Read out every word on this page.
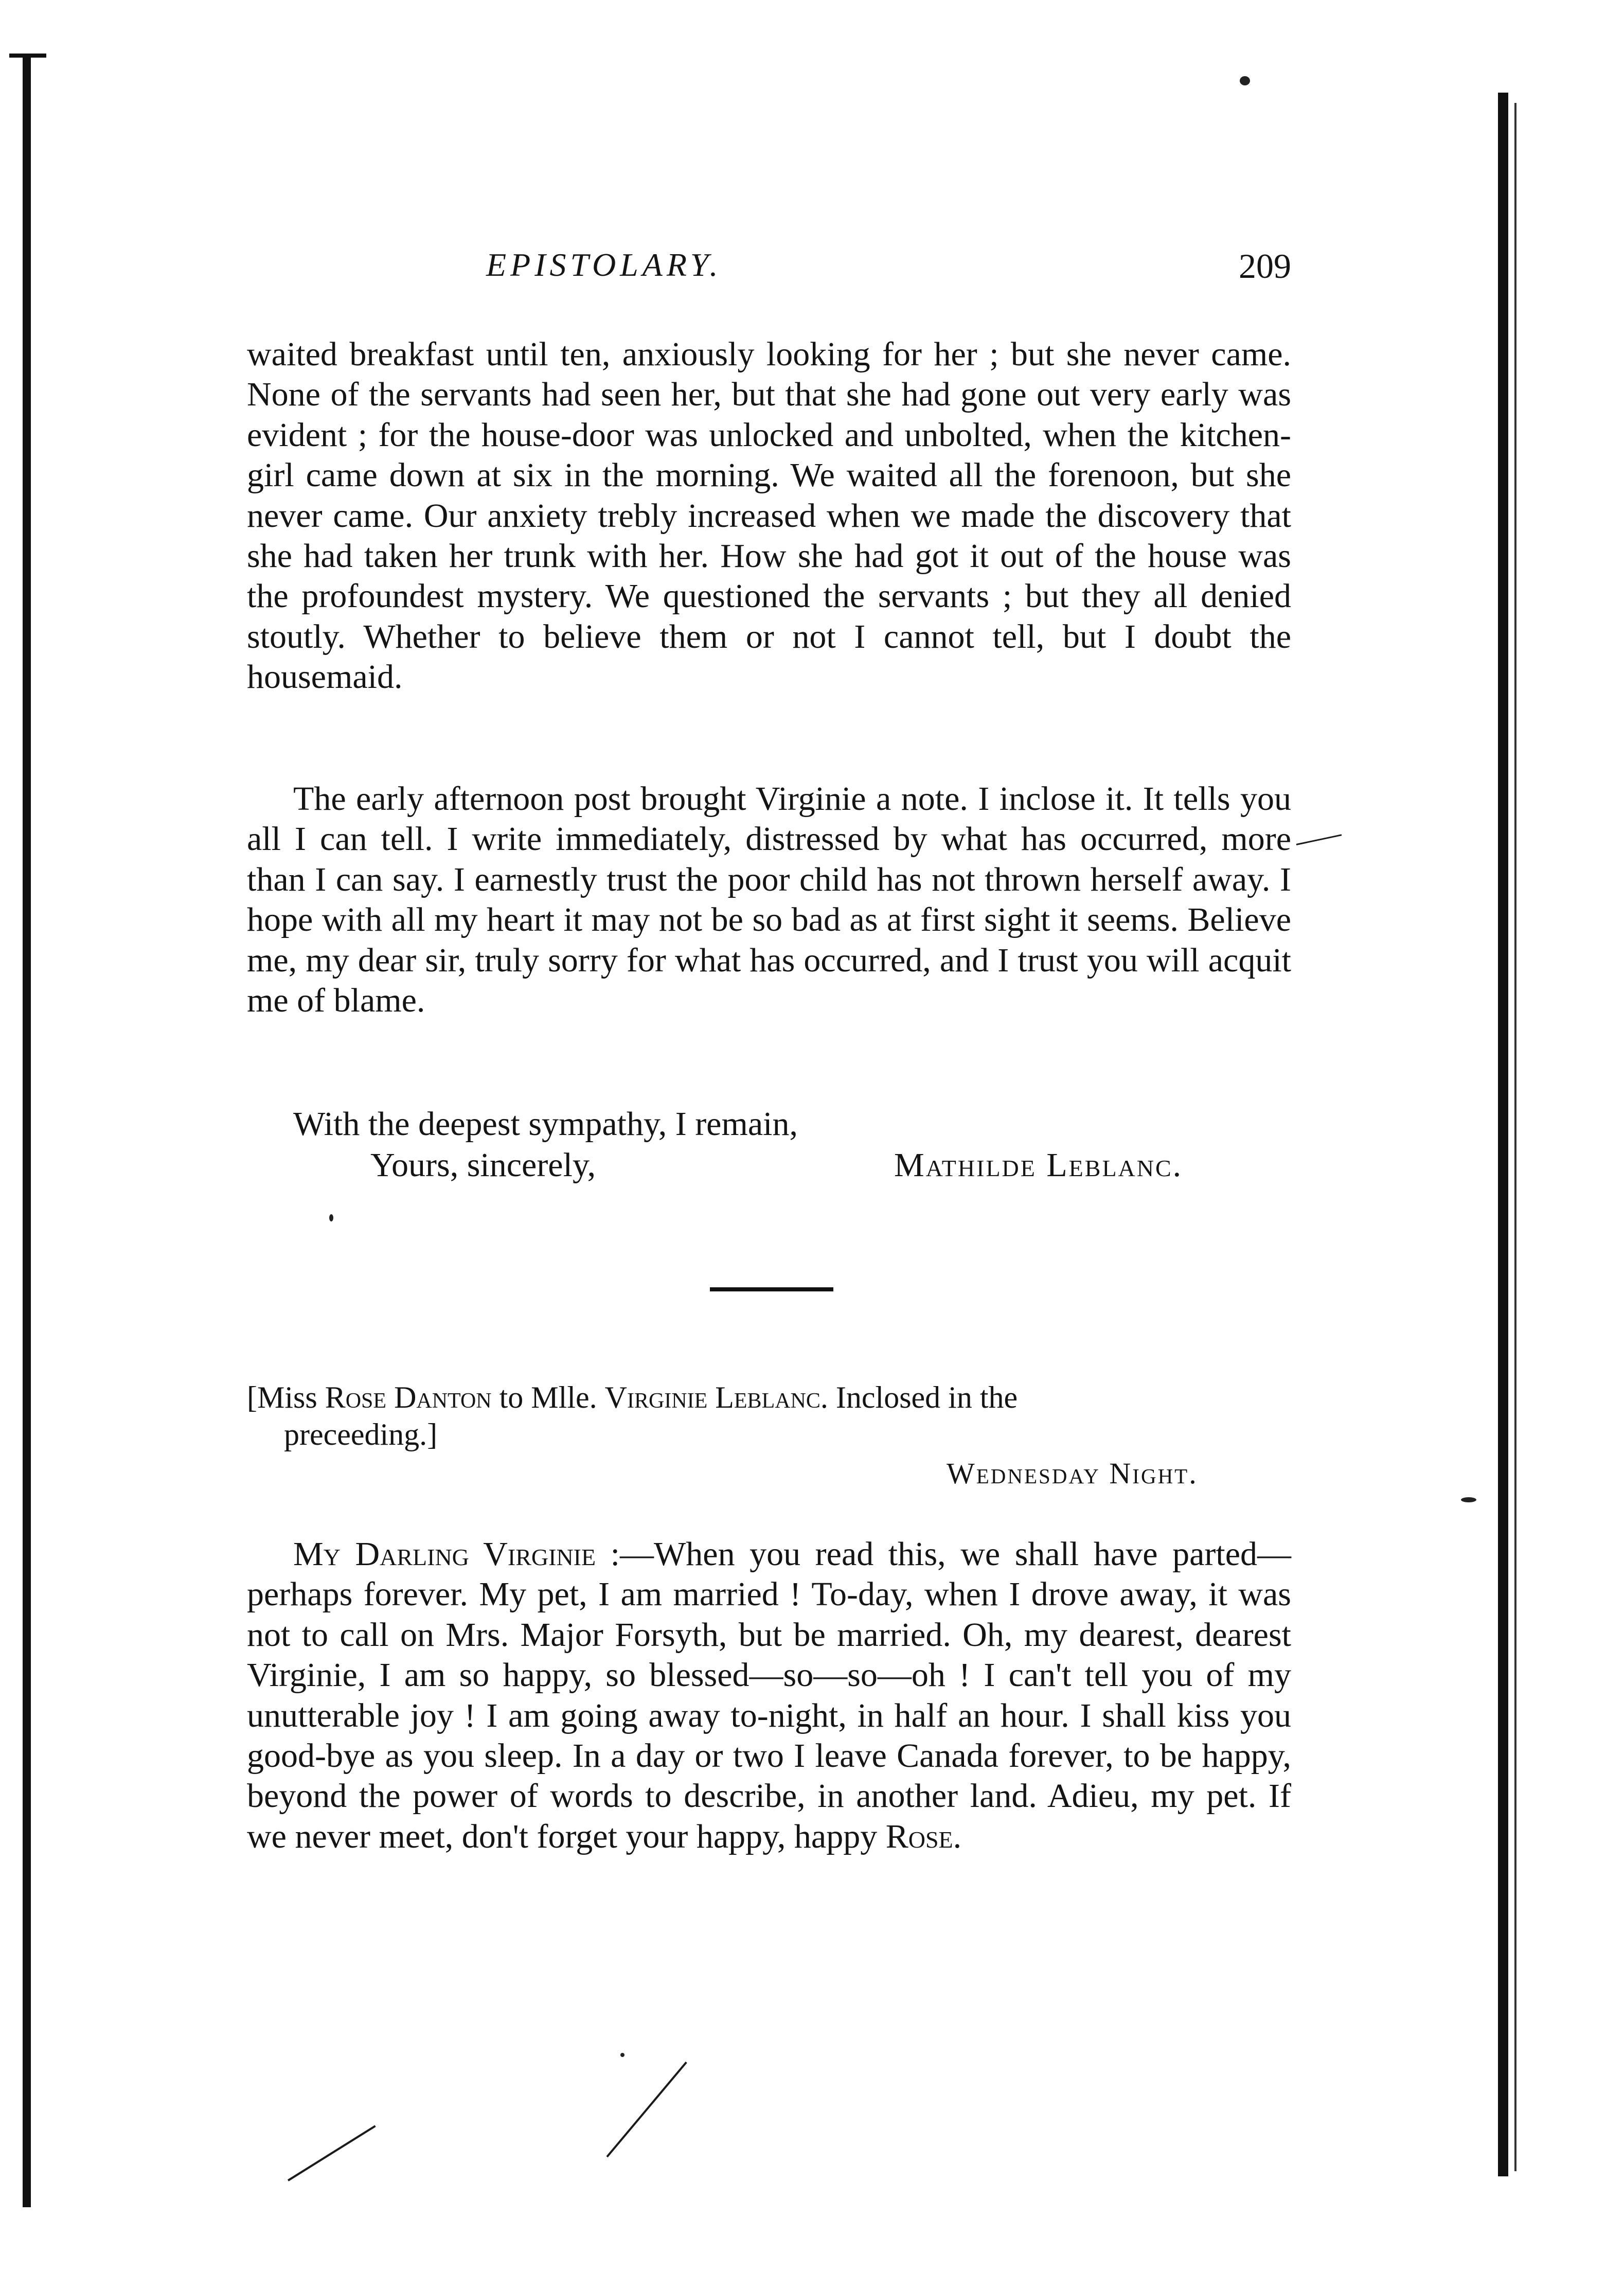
EPISTOLARY.	209

waited breakfast until ten, anxiously looking for her ; but she never came. None of the servants had seen her, but that she had gone out very early was evident ; for the house-door was unlocked and unbolted, when the kitchen-girl came down at six in the morning. We waited all the forenoon, but she never came. Our anxiety trebly increased when we made the discovery that she had taken her trunk with her. How she had got it out of the house was the profoundest mystery. We questioned the servants ; but they all denied stoutly. Whether to believe them or not I cannot tell, but I doubt the housemaid.

The early afternoon post brought Virginie a note. I inclose it. It tells you all I can tell. I write immediately, distressed by what has occurred, more than I can say. I earnestly trust the poor child has not thrown herself away. I hope with all my heart it may not be so bad as at first sight it seems. Believe me, my dear sir, truly sorry for what has occurred, and I trust you will acquit me of blame.

With the deepest sympathy, I remain,
Yours, sincerely,	Mathilde Leblanc.
[Miss Rose Danton to Mlle. Virginie Leblanc. Inclosed in the
preceeding.]
Wednesday Night.

My Darling Virginie :—When you read this, we shall have parted—perhaps forever. My pet, I am married ! To-day, when I drove away, it was not to call on Mrs. Major Forsyth, but be married. Oh, my dearest, dearest Virginie, I am so happy, so blessed—so—so—oh ! I can't tell you of my unutterable joy ! I am going away to-night, in half an hour. I shall kiss you good-bye as you sleep. In a day or two I leave Canada forever, to be happy, beyond the power of words to describe, in another land. Adieu, my pet. If we never meet, don't forget your happy, happy Rose.
